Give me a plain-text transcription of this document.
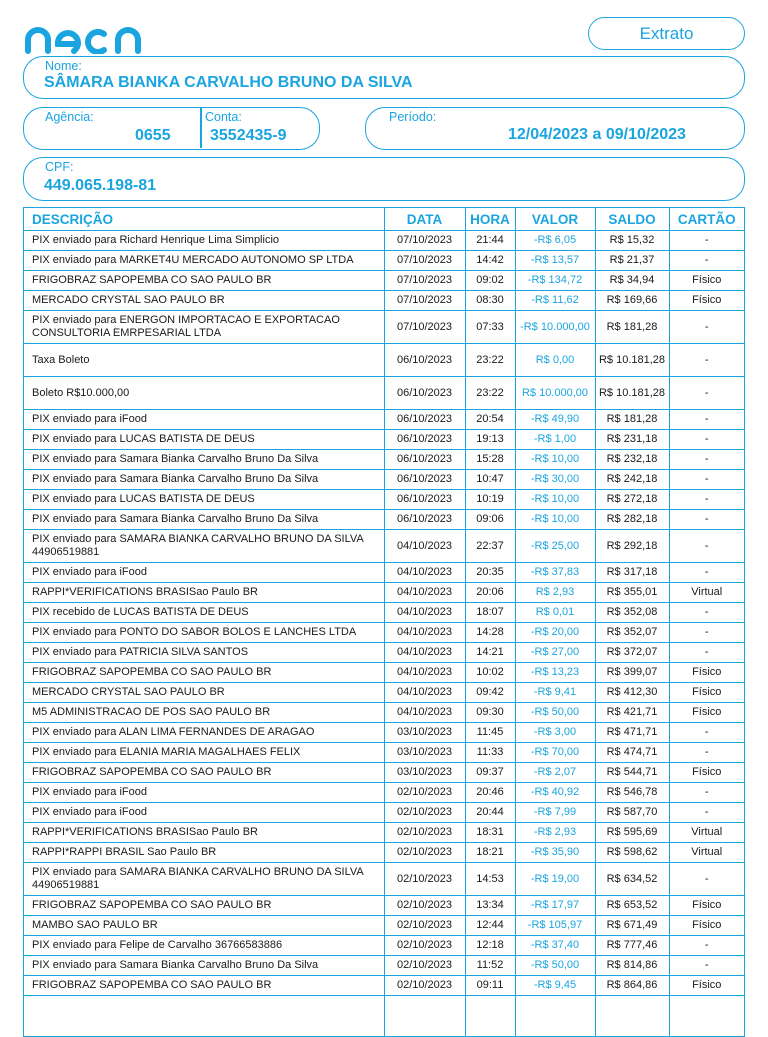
Extrato
Nome:
SÂMARA BIANKA CARVALHO BRUNO DA SILVA
Agência:
0655
Conta:
3552435-9
Período:
12/04/2023 a 09/10/2023
CPF:
449.065.198-81
DESCRIÇÃO	DATA	HORA	VALOR	SALDO	CARTÃO
PIX enviado para Richard Henrique Lima Simplicio	07/10/2023	21:44	-R$ 6,05	R$ 15,32	-
PIX enviado para MARKET4U MERCADO AUTONOMO SP LTDA	07/10/2023	14:42	-R$ 13,57	R$ 21,37	-
FRIGOBRAZ SAPOPEMBA CO SAO PAULO BR	07/10/2023	09:02	-R$ 134,72	R$ 34,94	Físico
MERCADO CRYSTAL SAO PAULO BR	07/10/2023	08:30	-R$ 11,62	R$ 169,66	Físico
PIX enviado para ENERGON IMPORTACAO E EXPORTACAO CONSULTORIA EMRPESARIAL LTDA	07/10/2023	07:33	-R$ 10.000,00	R$ 181,28	-
Taxa Boleto	06/10/2023	23:22	R$ 0,00	R$ 10.181,28	-
Boleto R$10.000,00	06/10/2023	23:22	R$ 10.000,00	R$ 10.181,28	-
PIX enviado para iFood	06/10/2023	20:54	-R$ 49,90	R$ 181,28	-
PIX enviado para LUCAS BATISTA DE DEUS	06/10/2023	19:13	-R$ 1,00	R$ 231,18	-
PIX enviado para Samara Bianka Carvalho Bruno Da Silva	06/10/2023	15:28	-R$ 10,00	R$ 232,18	-
PIX enviado para Samara Bianka Carvalho Bruno Da Silva	06/10/2023	10:47	-R$ 30,00	R$ 242,18	-
PIX enviado para LUCAS BATISTA DE DEUS	06/10/2023	10:19	-R$ 10,00	R$ 272,18	-
PIX enviado para Samara Bianka Carvalho Bruno Da Silva	06/10/2023	09:06	-R$ 10,00	R$ 282,18	-
PIX enviado para SAMARA BIANKA CARVALHO BRUNO DA SILVA 44906519881	04/10/2023	22:37	-R$ 25,00	R$ 292,18	-
PIX enviado para iFood	04/10/2023	20:35	-R$ 37,83	R$ 317,18	-
RAPPI*VERIFICATIONS BRASISao Paulo BR	04/10/2023	20:06	R$ 2,93	R$ 355,01	Virtual
PIX recebido de LUCAS BATISTA DE DEUS	04/10/2023	18:07	R$ 0,01	R$ 352,08	-
PIX enviado para PONTO DO SABOR BOLOS E LANCHES LTDA	04/10/2023	14:28	-R$ 20,00	R$ 352,07	-
PIX enviado para PATRICIA SILVA SANTOS	04/10/2023	14:21	-R$ 27,00	R$ 372,07	-
FRIGOBRAZ SAPOPEMBA CO SAO PAULO BR	04/10/2023	10:02	-R$ 13,23	R$ 399,07	Físico
MERCADO CRYSTAL SAO PAULO BR	04/10/2023	09:42	-R$ 9,41	R$ 412,30	Físico
M5 ADMINISTRACAO DE POS SAO PAULO BR	04/10/2023	09:30	-R$ 50,00	R$ 421,71	Físico
PIX enviado para ALAN LIMA FERNANDES DE ARAGAO	03/10/2023	11:45	-R$ 3,00	R$ 471,71	-
PIX enviado para ELANIA MARIA MAGALHAES FELIX	03/10/2023	11:33	-R$ 70,00	R$ 474,71	-
FRIGOBRAZ SAPOPEMBA CO SAO PAULO BR	03/10/2023	09:37	-R$ 2,07	R$ 544,71	Físico
PIX enviado para iFood	02/10/2023	20:46	-R$ 40,92	R$ 546,78	-
PIX enviado para iFood	02/10/2023	20:44	-R$ 7,99	R$ 587,70	-
RAPPI*VERIFICATIONS BRASISao Paulo BR	02/10/2023	18:31	-R$ 2,93	R$ 595,69	Virtual
RAPPI*RAPPI BRASIL Sao Paulo BR	02/10/2023	18:21	-R$ 35,90	R$ 598,62	Virtual
PIX enviado para SAMARA BIANKA CARVALHO BRUNO DA SILVA 44906519881	02/10/2023	14:53	-R$ 19,00	R$ 634,52	-
FRIGOBRAZ SAPOPEMBA CO SAO PAULO BR	02/10/2023	13:34	-R$ 17,97	R$ 653,52	Físico
MAMBO SAO PAULO BR	02/10/2023	12:44	-R$ 105,97	R$ 671,49	Físico
PIX enviado para Felipe de Carvalho 36766583886	02/10/2023	12:18	-R$ 37,40	R$ 777,46	-
PIX enviado para Samara Bianka Carvalho Bruno Da Silva	02/10/2023	11:52	-R$ 50,00	R$ 814,86	-
FRIGOBRAZ SAPOPEMBA CO SAO PAULO BR	02/10/2023	09:11	-R$ 9,45	R$ 864,86	Físico
